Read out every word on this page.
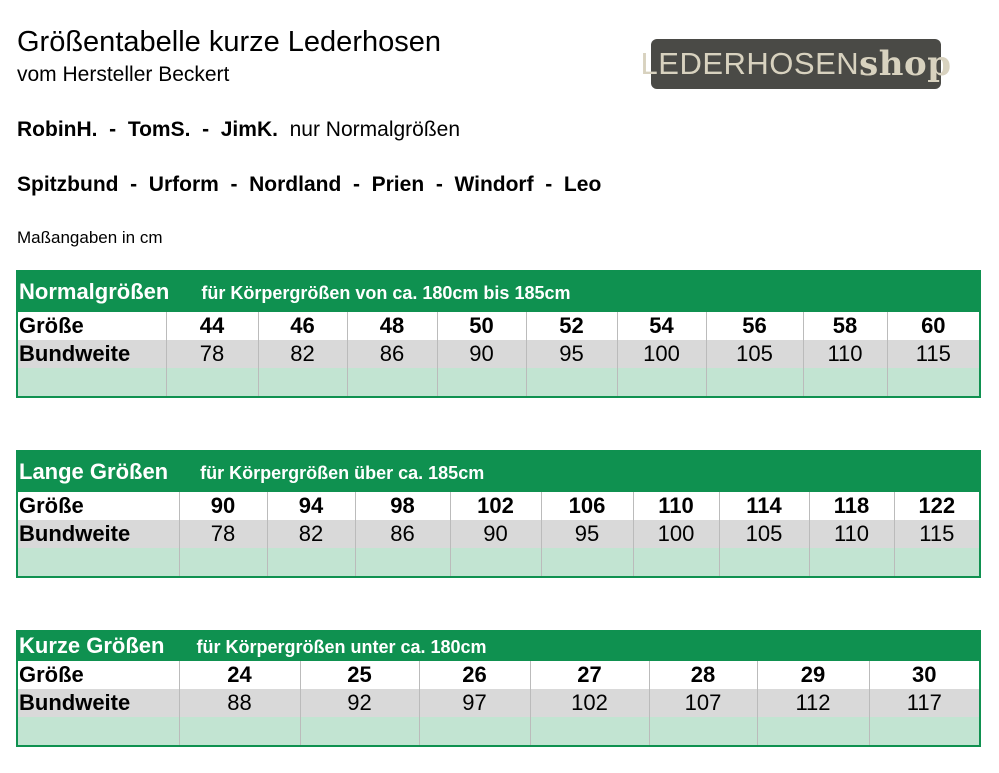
Größentabelle kurze Lederhosen
vom Hersteller Beckert	LEDERHOSEN shop
RobinH.  -  TomS.  -  JimK. nur Normalgrößen
Spitzbund  -  Urform  -  Nordland  -  Prien  -  Windorf  -  Leo
Maßangaben in cm
Normalgrößen für Körpergrößen von ca. 180cm bis 185cm									
Größe	44	46	48	50	52	54	56	58	60
Bundweite	78	82	86	90	95	100	105	110	115

Lange Größen für Körpergrößen über ca. 185cm									
Größe	90	94	98	102	106	110	114	118	122
Bundweite	78	82	86	90	95	100	105	110	115

Kurze Größen für Körpergrößen unter ca. 180cm							
Größe	24	25	26	27	28	29	30
Bundweite	88	92	97	102	107	112	117
